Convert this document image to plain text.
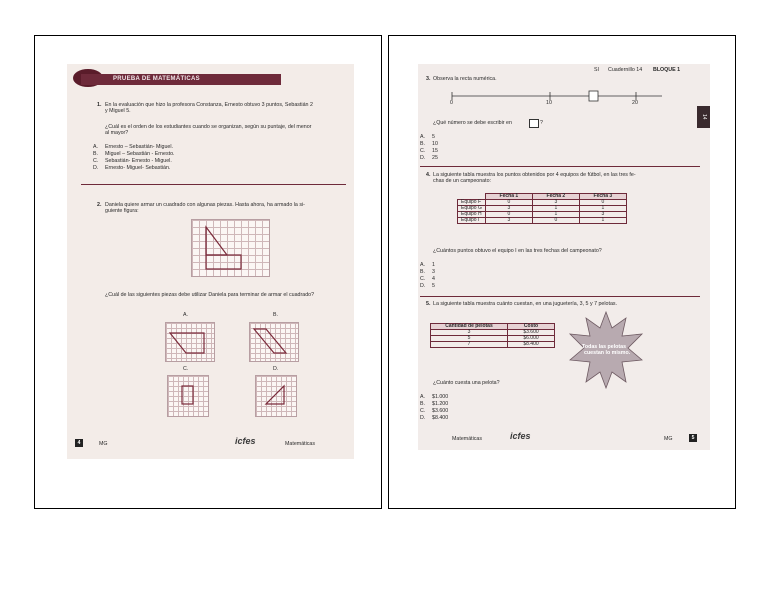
PRUEBA DE MATEMÁTICAS
1. En la evaluación que hizo la profesora Constanza, Ernesto obtuvo 3 puntos, Sebastián 2
y Miguel 5.
¿Cuál es el orden de los estudiantes cuando se organizan, según su puntaje, del menor
al mayor?
A. Ernesto – Sebastián- Miguel.
B. Miguel – Sebastián - Ernesto.
C. Sebastián- Ernesto - Miguel.
D. Ernesto- Miguel- Sebastián.
2. Daniela quiere armar un cuadrado con algunas piezas. Hasta ahora, ha armado la si-
guiente figura:
¿Cuál de las siguientes piezas debe utilizar Daniela para terminar de armar el cuadrado?
A.	B.
C.	D.
4	MG	icfes	Matemáticas
SI Cuadernillo 14 BLOQUE 1
14
3. Observa la recta numérica.
0	10	20
¿Qué número se debe escribir en	?
A. 5
B. 10
C. 15
D. 25
4. La siguiente tabla muestra los puntos obtenidos por 4 equipos de fútbol, en las tres fe-
chas de un campeonato:
	Fecha 1	Fecha 2	Fecha 3
Equipo F	0	3	0
Equipo G	3	1	1
Equipo H	0	1	3
Equipo I	3	0	1
¿Cuántos puntos obtuvo el equipo I en las tres fechas del campeonato?
A. 1
B. 3
C. 4
D. 5
5. La siguiente tabla muestra cuánto cuestan, en una juguetería, 3, 5 y 7 pelotas.
Cantidad de pelotas	Costo
3	$3.600
5	$6.000
7	$8.400	Todas las pelotas
cuestan lo mismo.
¿Cuánto cuesta una pelota?
A. $1.000
B. $1.200
C. $3.600
D. $8.400
Matemáticas	icfes	MG	5
